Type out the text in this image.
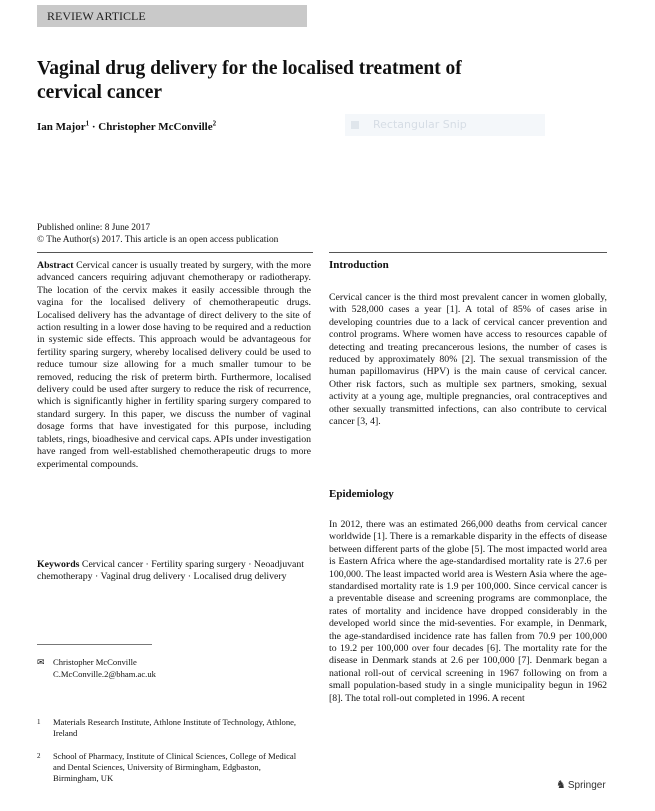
REVIEW ARTICLE
Vaginal drug delivery for the localised treatment of cervical cancer
Ian Major$^1$ · Christopher McConville$^2$	Rectangular Snip
Published online: 8 June 2017
© The Author(s) 2017. This article is an open access publication
Abstract Cervical cancer is usually treated by surgery, with the more advanced cancers requiring adjuvant chemotherapy or radiotherapy. The location of the cervix makes it easily accessible through the vagina for the localised delivery of chemotherapeutic drugs. Localised delivery has the advantage of direct delivery to the site of action resulting in a lower dose having to be required and a reduction in systemic side effects. This approach would be advantageous for fertility sparing surgery, whereby localised delivery could be used to reduce tumour size allowing for a much smaller tumour to be removed, reducing the risk of preterm birth. Furthermore, localised delivery could be used after surgery to reduce the risk of recurrence, which is significantly higher in fertility sparing surgery compared to standard surgery. In this paper, we discuss the number of vaginal dosage forms that have investigated for this purpose, including tablets, rings, bioadhesive and cervical caps. APIs under investigation have ranged from well-established chemotherapeutic drugs to more experimental compounds.
Keywords Cervical cancer · Fertility sparing surgery · Neoadjuvant chemotherapy · Vaginal drug delivery · Localised drug delivery
Introduction
Cervical cancer is the third most prevalent cancer in women globally, with 528,000 cases a year [1]. A total of 85% of cases arise in developing countries due to a lack of cervical cancer prevention and control programs. Where women have access to resources capable of detecting and treating precancerous lesions, the number of cases is reduced by approximately 80% [2]. The sexual transmission of the human papillomavirus (HPV) is the main cause of cervical cancer. Other risk factors, such as multiple sex partners, smoking, sexual activity at a young age, multiple pregnancies, oral contraceptives and other sexually transmitted infections, can also contribute to cervical cancer [3, 4].
Epidemiology
In 2012, there was an estimated 266,000 deaths from cervical cancer worldwide [1]. There is a remarkable disparity in the effects of disease between different parts of the globe [5]. The most impacted world area is Eastern Africa where the age-standardised mortality rate is 27.6 per 100,000. The least impacted world area is Western Asia where the age-standardised mortality rate is 1.9 per 100,000. Since cervical cancer is a preventable disease and screening programs are commonplace, the rates of mortality and incidence have dropped considerably in the developed world since the mid-seventies. For example, in Denmark, the age-standardised incidence rate has fallen from 70.9 per 100,000 to 19.2 per 100,000 over four decades [6]. The mortality rate for the disease in Denmark stands at 2.6 per 100,000 [7]. Denmark began a national roll-out of cervical screening in 1967 following on from a small population-based study in a single municipality begun in 1962 [8]. The total roll-out completed in 1996. A recent
✉ Christopher McConville
C.McConville.2@bham.ac.uk
1 Materials Research Institute, Athlone Institute of Technology, Athlone, Ireland
2 School of Pharmacy, Institute of Clinical Sciences, College of Medical and Dental Sciences, University of Birmingham, Edgbaston, Birmingham, UK	♞ Springer
